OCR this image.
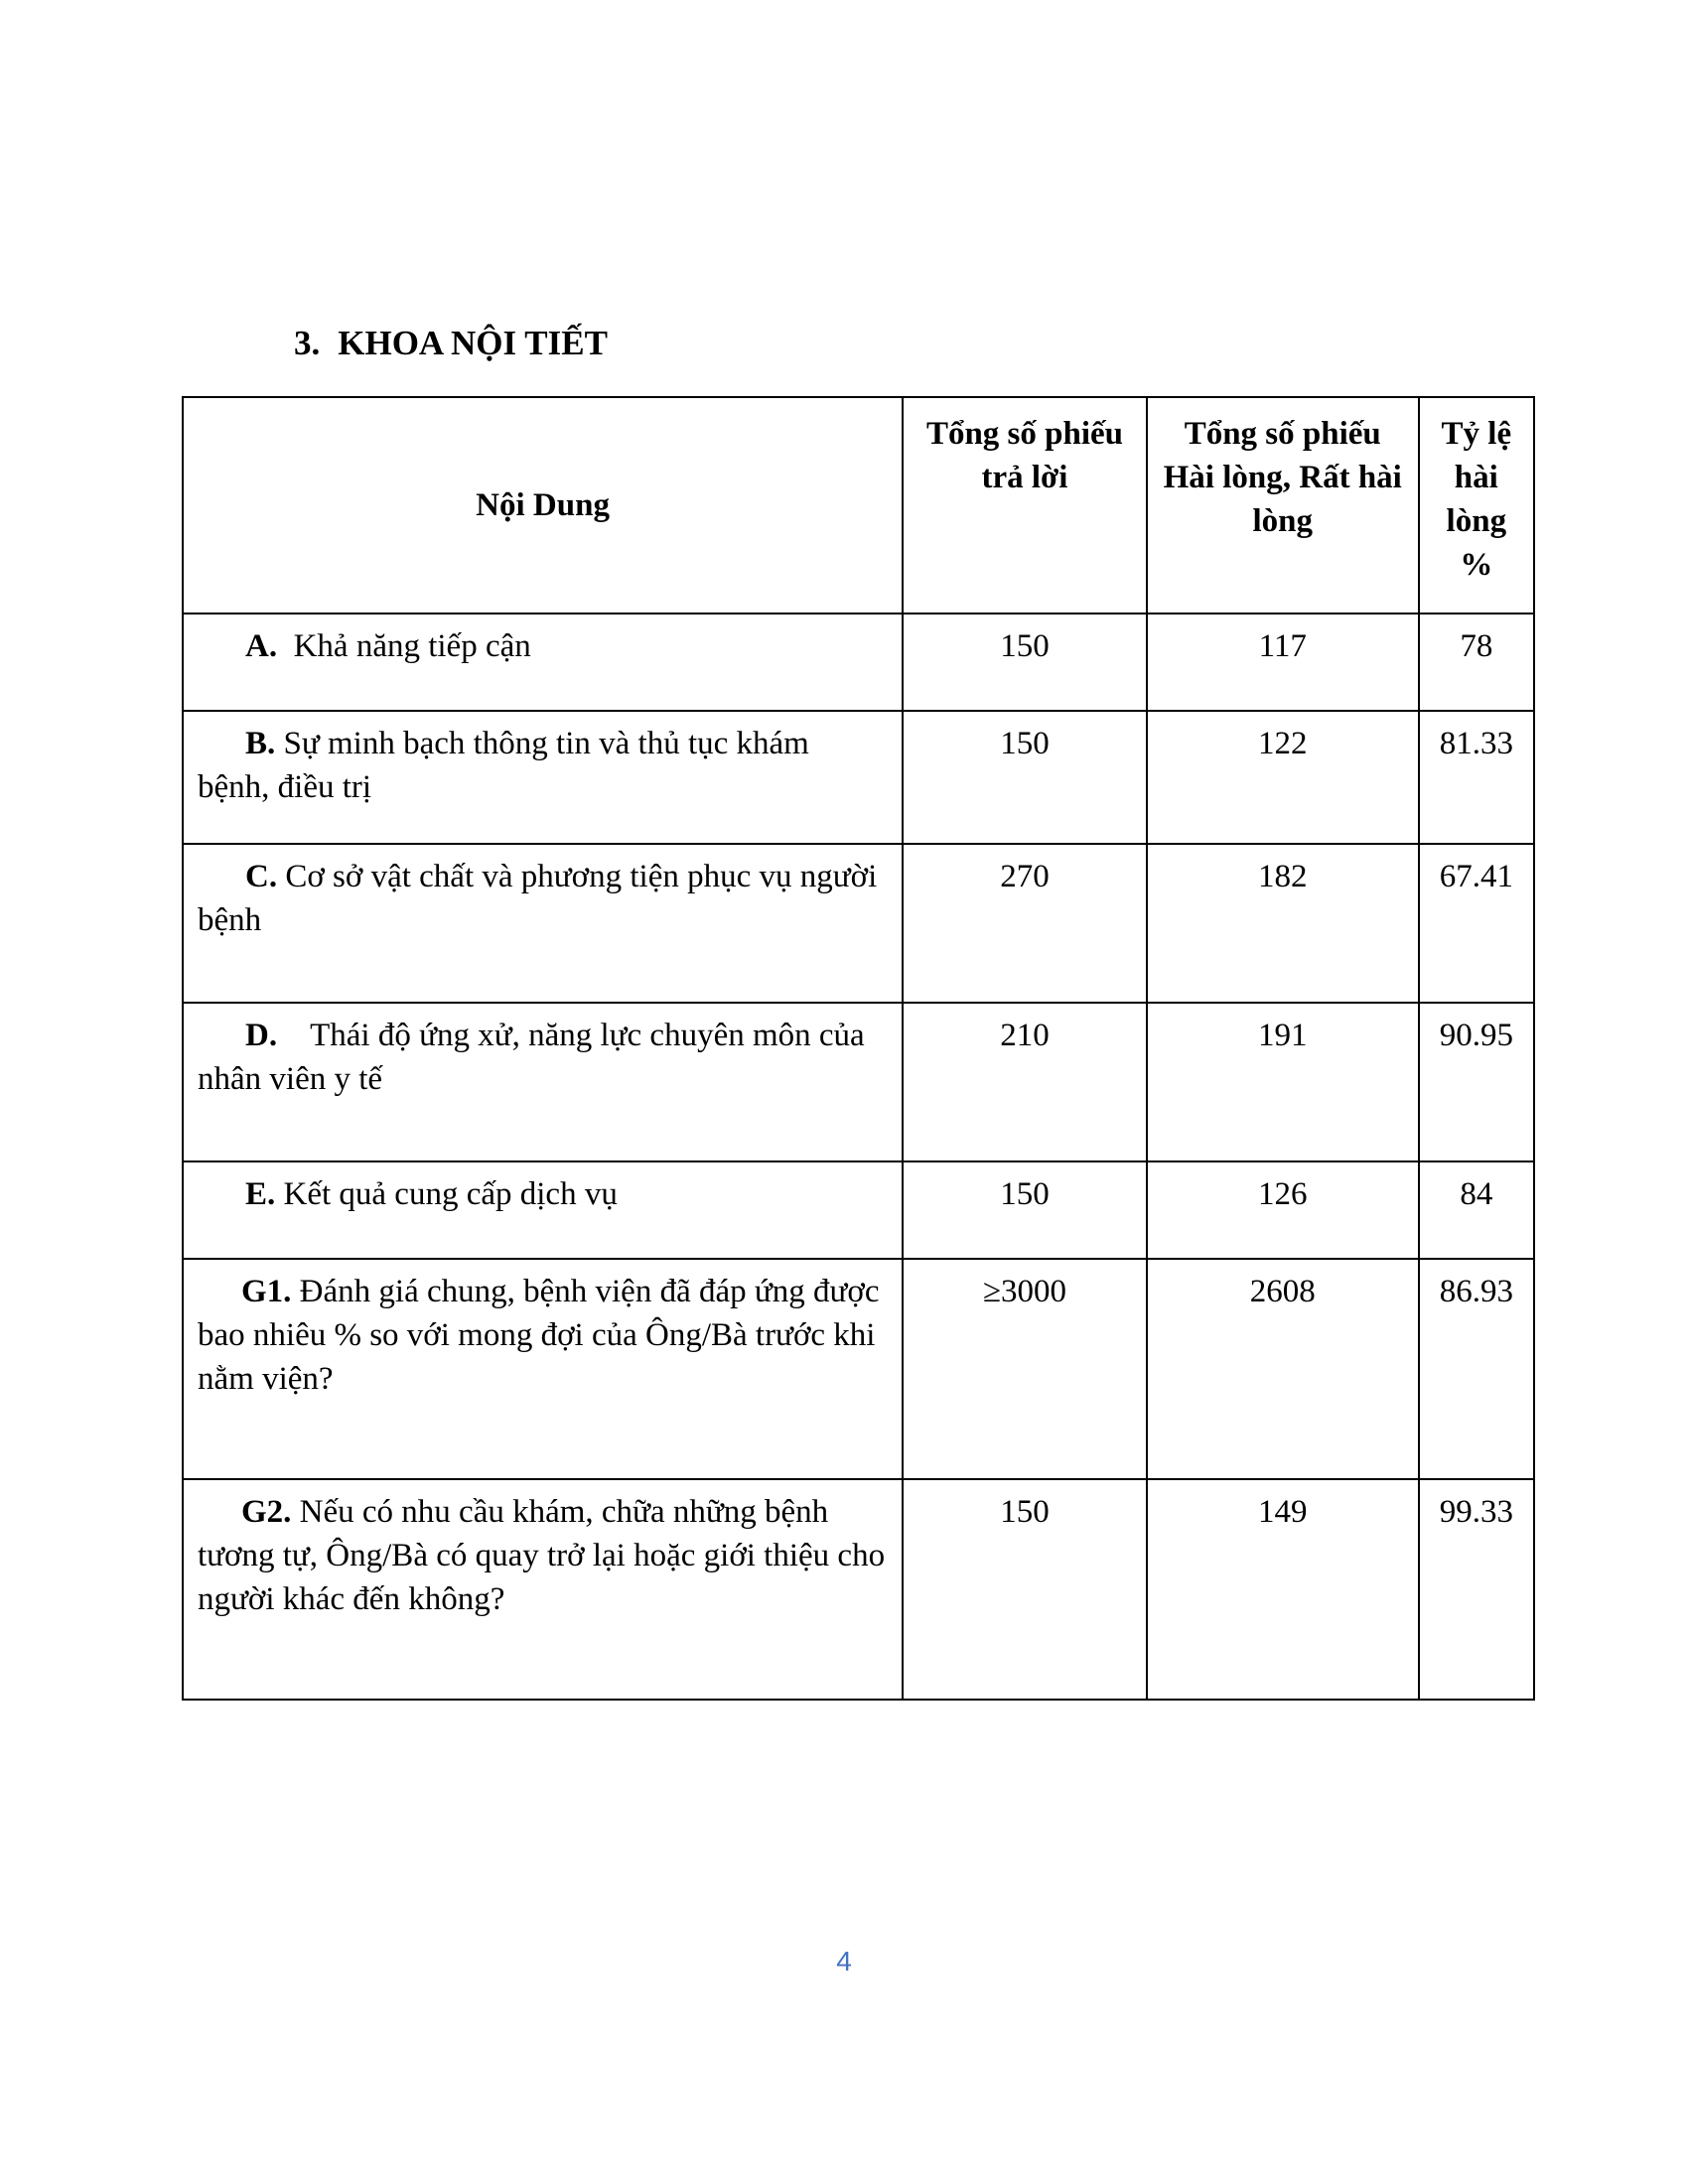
3. KHOA NỘI TIẾT
Nội Dung	Tổng số phiếu trả lời	Tổng số phiếu Hài lòng, Rất hài lòng	Tỷ lệ hài lòng %
A. Khả năng tiếp cận	150	117	78
B. Sự minh bạch thông tin và thủ tục khám bệnh, điều trị	150	122	81.33
C. Cơ sở vật chất và phương tiện phục vụ người bệnh	270	182	67.41
D. Thái độ ứng xử, năng lực chuyên môn của nhân viên y tế	210	191	90.95
E. Kết quả cung cấp dịch vụ	150	126	84
G1. Đánh giá chung, bệnh viện đã đáp ứng được bao nhiêu % so với mong đợi của Ông/Bà trước khi nằm viện?	≥3000	2608	86.93
G2. Nếu có nhu cầu khám, chữa những bệnh tương tự, Ông/Bà có quay trở lại hoặc giới thiệu cho người khác đến không?	150	149	99.33
4
